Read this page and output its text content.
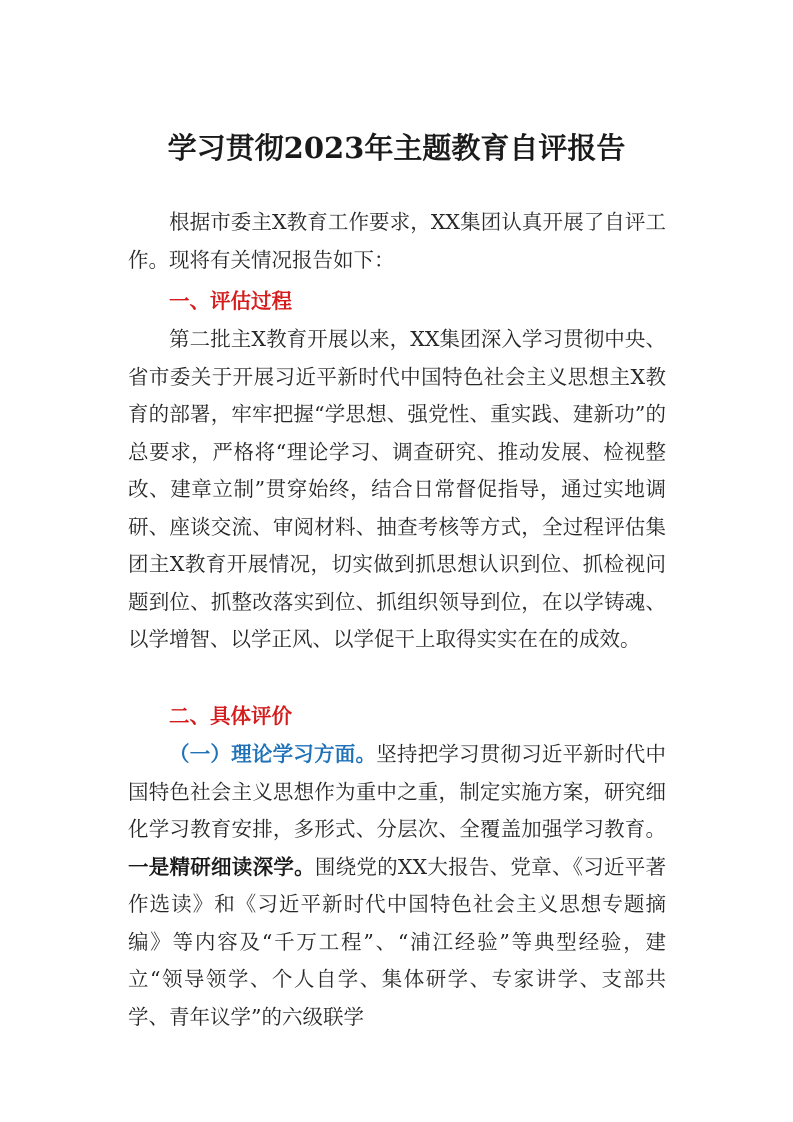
学习贯彻2023年主题教育自评报告
根据市委主X教育工作要求，XX集团认真开展了自评工作。现将有关情况报告如下：
一、评估过程
第二批主X教育开展以来，XX集团深入学习贯彻中央、省市委关于开展习近平新时代中国特色社会主义思想主X教育的部署，牢牢把握“学思想、强党性、重实践、建新功”的总要求，严格将“理论学习、调查研究、推动发展、检视整改、建章立制”贯穿始终，结合日常督促指导，通过实地调研、座谈交流、审阅材料、抽查考核等方式，全过程评估集团主X教育开展情况，切实做到抓思想认识到位、抓检视问题到位、抓整改落实到位、抓组织领导到位，在以学铸魂、以学增智、以学正风、以学促干上取得实实在在的成效。
二、具体评价
（一）理论学习方面。坚持把学习贯彻习近平新时代中国特色社会主义思想作为重中之重，制定实施方案，研究细化学习教育安排，多形式、分层次、全覆盖加强学习教育。一是精研细读深学。围绕党的XX大报告、党章、《习近平著作选读》和《习近平新时代中国特色社会主义思想专题摘编》等内容及“千万工程”、“浦江经验”等典型经验，建立“领导领学、个人自学、集体研学、专家讲学、支部共学、青年议学”的六级联学
